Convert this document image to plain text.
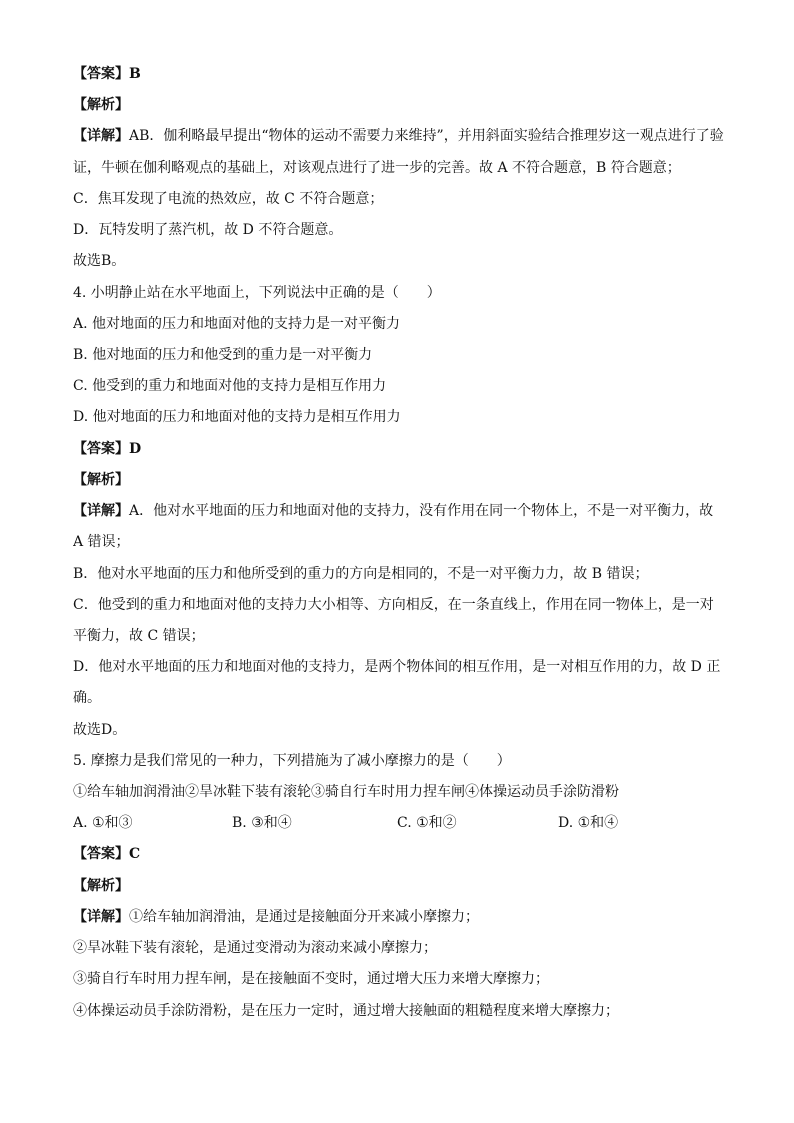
【答案】B
【解析】
【详解】AB．伽利略最早提出“物体的运动不需要力来维持”，并用斜面实验结合推理岁这一观点进行了验
证，牛顿在伽利略观点的基础上，对该观点进行了进一步的完善。故 A 不符合题意，B 符合题意；
C．焦耳发现了电流的热效应，故 C 不符合题意；
D．瓦特发明了蒸汽机，故 D 不符合题意。
故选B。
4. 小明静止站在水平地面上，下列说法中正确的是（　　）
A. 他对地面的压力和地面对他的支持力是一对平衡力
B. 他对地面的压力和他受到的重力是一对平衡力
C. 他受到的重力和地面对他的支持力是相互作用力
D. 他对地面的压力和地面对他的支持力是相互作用力
【答案】D
【解析】
【详解】A．他对水平地面的压力和地面对他的支持力，没有作用在同一个物体上，不是一对平衡力，故
A 错误；
B．他对水平地面的压力和他所受到的重力的方向是相同的，不是一对平衡力力，故 B 错误；
C．他受到的重力和地面对他的支持力大小相等、方向相反，在一条直线上，作用在同一物体上，是一对
平衡力，故 C 错误；
D．他对水平地面的压力和地面对他的支持力，是两个物体间的相互作用，是一对相互作用的力，故 D 正
确。
故选D。
5. 摩擦力是我们常见的一种力，下列措施为了减小摩擦力的是（　　）
①给车轴加润滑油②旱冰鞋下装有滚轮③骑自行车时用力捏车闸④体操运动员手涂防滑粉
A. ①和③	B. ③和④	C. ①和②	D. ①和④
【答案】C
【解析】
【详解】①给车轴加润滑油，是通过是接触面分开来减小摩擦力；
②旱冰鞋下装有滚轮，是通过变滑动为滚动来减小摩擦力；
③骑自行车时用力捏车闸，是在接触面不变时，通过增大压力来增大摩擦力；
④体操运动员手涂防滑粉，是在压力一定时，通过增大接触面的粗糙程度来增大摩擦力；
